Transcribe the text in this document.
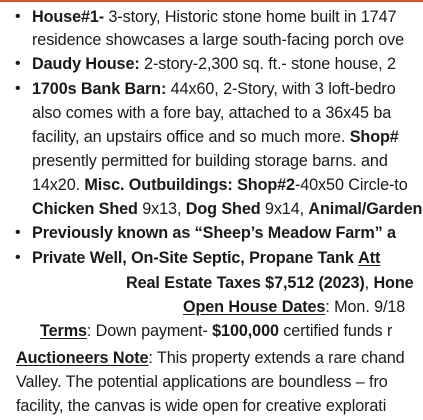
• House#1- 3-story, Historic stone home built in 1747
residence showcases a large south-facing porch ove
• Daudy House: 2-story-2,300 sq. ft.- stone house, 2
• 1700s Bank Barn: 44x60, 2-Story, with 3 loft-bedro
also comes with a fore bay, attached to a 36x45 ba
facility, an upstairs office and so much more. Shop#
presently permitted for building storage barns. and
14x20. Misc. Outbuildings: Shop#2-40x50 Circle-to
Chicken Shed 9x13, Dog Shed 9x14, Animal/Garden
• Previously known as “Sheep’s Meadow Farm” a
• Private Well, On-Site Septic, Propane Tank Att
Real Estate Taxes $7,512 (2023), Hone
Open House Dates: Mon. 9/18
Terms: Down payment- $100,000 certified funds r
Auctioneers Note: This property extends a rare chand
Valley. The potential applications are boundless – fro
facility, the canvas is wide open for creative explorati
